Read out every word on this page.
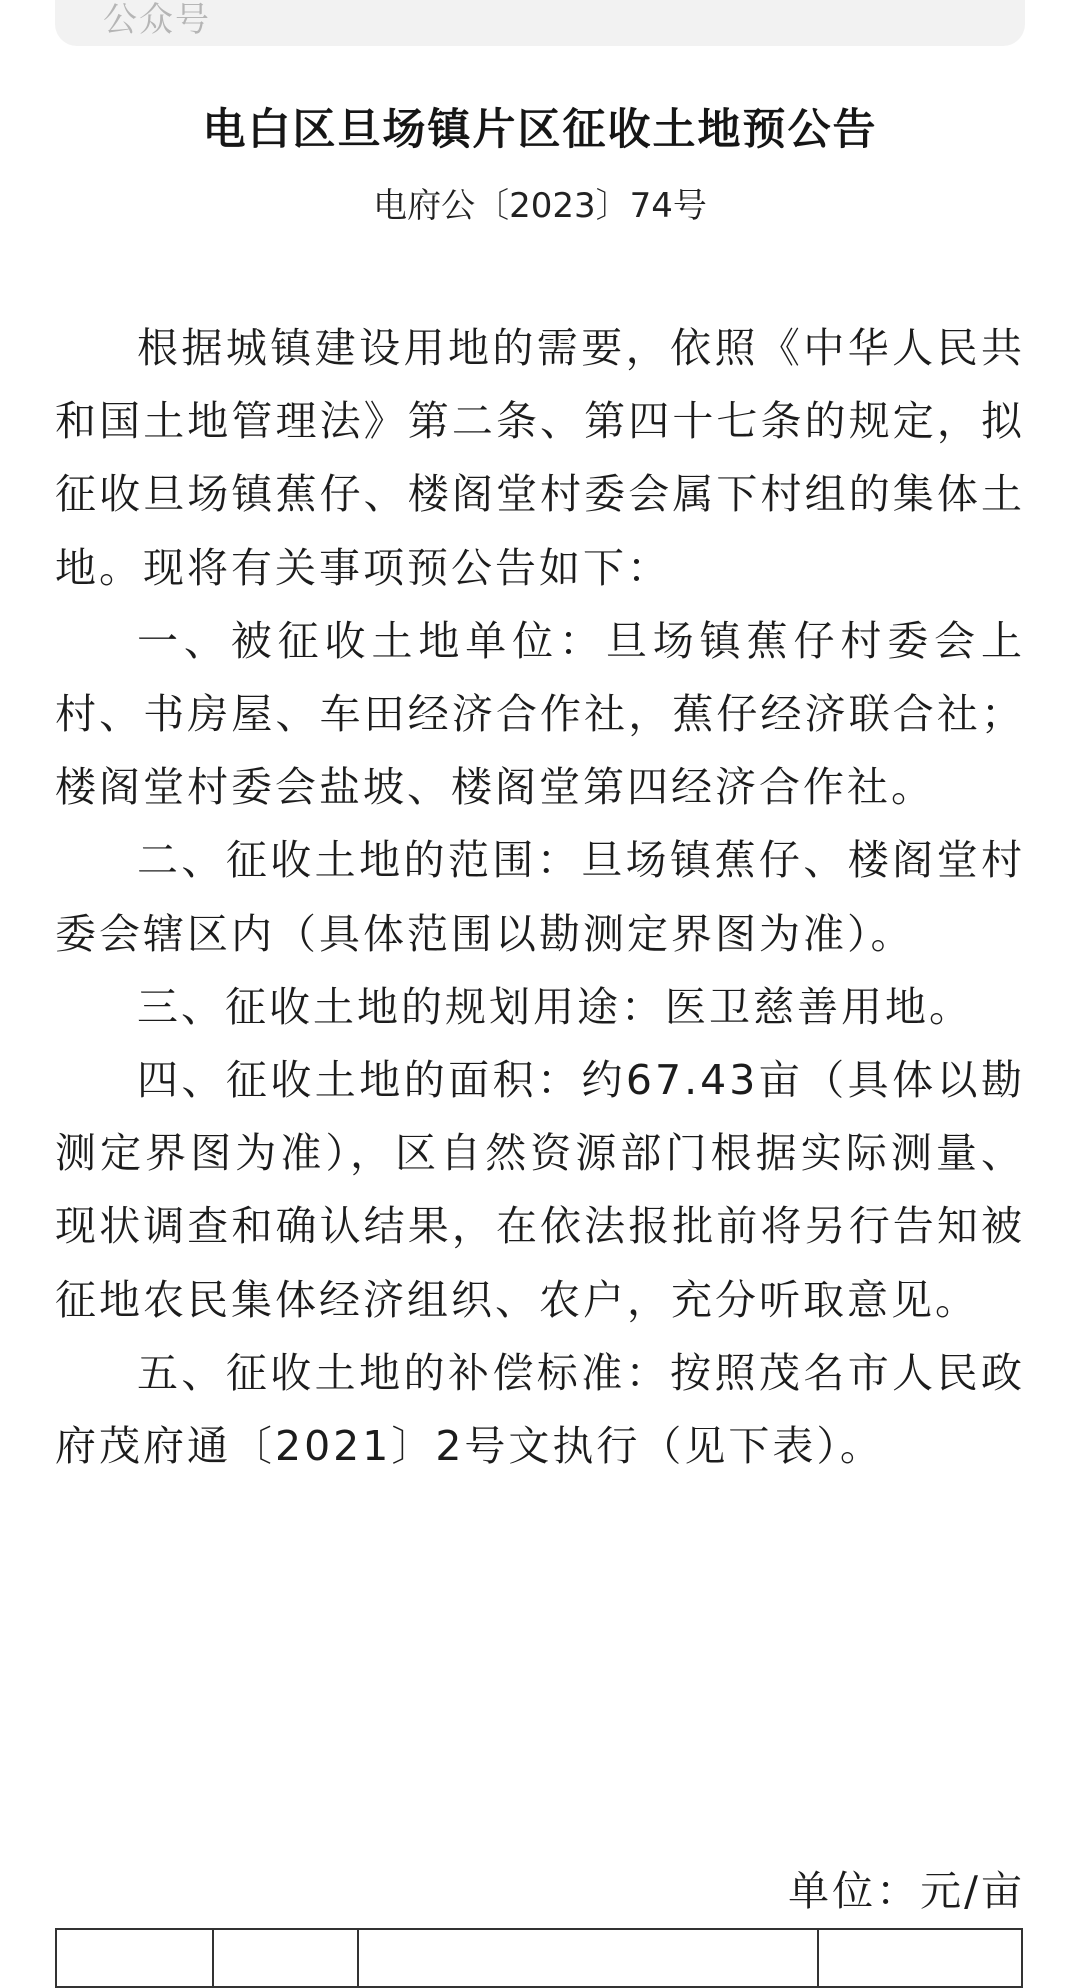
公众号
电白区旦场镇片区征收土地预公告
电府公〔2023〕74号

根据城镇建设用地的需要，依照《中华人民共和国土地管理法》第二条、第四十七条的规定，拟征收旦场镇蕉仔、楼阁堂村委会属下村组的集体土地。现将有关事项预公告如下：

一、被征收土地单位：旦场镇蕉仔村委会上村、书房屋、车田经济合作社，蕉仔经济联合社；楼阁堂村委会盐坡、楼阁堂第四经济合作社。

二、征收土地的范围：旦场镇蕉仔、楼阁堂村委会辖区内（具体范围以勘测定界图为准）。

三、征收土地的规划用途：医卫慈善用地。

四、征收土地的面积：约67.43亩（具体以勘测定界图为准），区自然资源部门根据实际测量、现状调查和确认结果，在依法报批前将另行告知被征地农民集体经济组织、农户，充分听取意见。

五、征收土地的补偿标准：按照茂名市人民政府茂府通〔2021〕2号文执行（见下表）。

单位：元/亩
